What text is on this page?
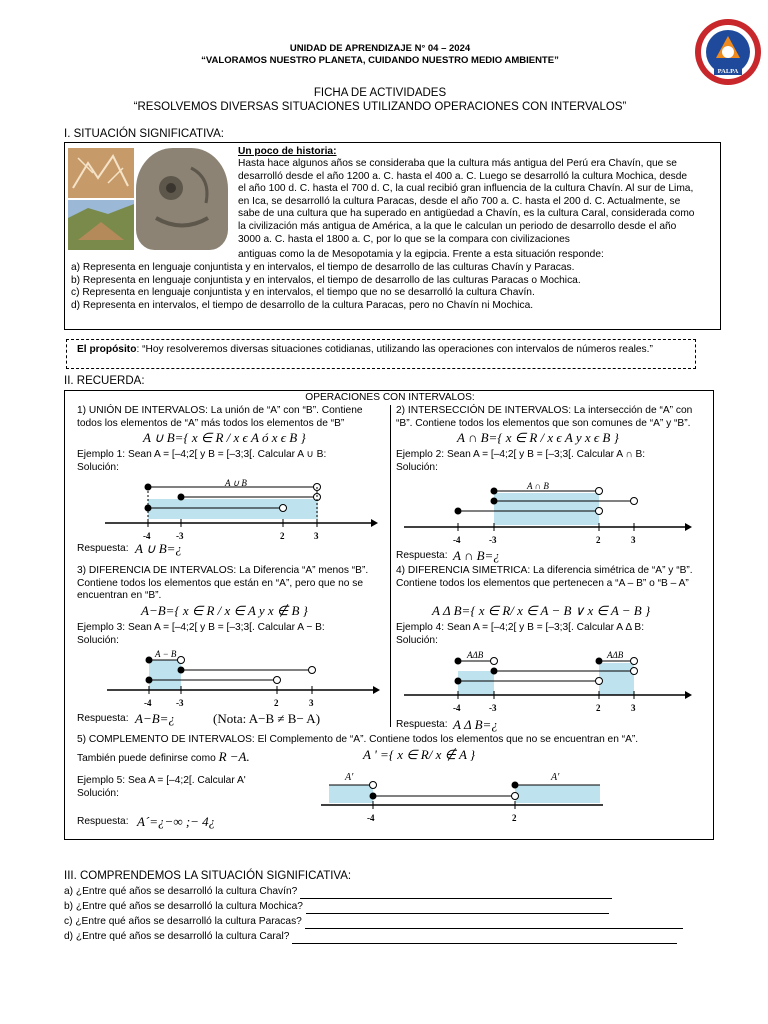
UNIDAD DE APRENDIZAJE N° 04 – 2024
“VALORAMOS NUESTRO PLANETA, CUIDANDO NUESTRO MEDIO AMBIENTE”
FICHA DE ACTIVIDADES
“RESOLVEMOS DIVERSAS SITUACIONES UTILIZANDO OPERACIONES CON INTERVALOS”
PALPA
I. SITUACIÓN SIGNIFICATIVA:
Un poco de historia:
Hasta hace algunos años se consideraba que la cultura más antigua del Perú era Chavín, que se
desarrolló desde el año 1200 a. C. hasta el 400 a. C. Luego se desarrolló la cultura Mochica, desde
el año 100 d. C. hasta el 700 d. C, la cual recibió gran influencia de la cultura Chavín. Al sur de Lima,
en Ica, se desarrolló la cultura Paracas, desde el año 700 a. C. hasta el 200 d. C. Actualmente, se
sabe de una cultura que ha superado en antigüedad a Chavín, es la cultura Caral, considerada como
la civilización más antigua de América, a la que le calculan un periodo de desarrollo desde el año
3000 a. C. hasta el 1800 a. C, por lo que se la compara con civilizaciones
antiguas como la de Mesopotamia y la egipcia. Frente a esta situación responde:
a) Representa en lenguaje conjuntista y en intervalos, el tiempo de desarrollo de las culturas Chavín y Paracas.
b) Representa en lenguaje conjuntista y en intervalos, el tiempo de desarrollo de las culturas Paracas o Mochica.
c) Representa en lenguaje conjuntista y en intervalos, el tiempo que no se desarrolló la cultura Chavín.
d) Representa en intervalos, el tiempo de desarrollo de la cultura Paracas, pero no Chavín ni Mochica.
El propósito: “Hoy resolveremos diversas situaciones cotidianas, utilizando las operaciones con intervalos de números reales.”
II. RECUERDA:
OPERACIONES CON INTERVALOS:
1) UNIÓN DE INTERVALOS: La unión de “A” con “B”. Contiene todos los elementos de “A” más todos los elementos de “B”
A ∪ B={ x ∈ R / x ϵ A ó x ϵ B }
Ejemplo 1: Sean A = [–4;2[ y B = [–3;3[. Calcular A ∪ B:
Solución:
A ∪ B
-4	-3	2	3
Respuesta: A ∪ B=¿
2) INTERSECCIÓN DE INTERVALOS: La intersección de “A” con “B”. Contiene todos los elementos que son comunes de “A” y “B”.
A ∩ B={ x ∈ R / x ϵ A y x ϵ B }
Ejemplo 2: Sean A = [–4;2[ y B = [–3;3[. Calcular A ∩ B:
Solución:
A ∩ B
-4	-3	2	3
Respuesta: A ∩ B=¿
3) DIFERENCIA DE INTERVALOS: La Diferencia “A” menos “B”. Contiene todos los elementos que están en “A”, pero que no se encuentran en “B”.
A−B={ x ∈ R / x ∈ A y x ∉ B }
Ejemplo 3: Sean A = [–4;2[ y B = [–3;3[. Calcular A − B:
Solución:
A − B
-4	-3	2	3
Respuesta: A−B=¿	(Nota: A−B ≠ B− A)
4) DIFERENCIA SIMETRICA: La diferencia simétrica de “A” y “B”. Contiene todos los elementos que pertenecen a “A – B” o “B – A”
A Δ B={ x ∈ R/ x ∈ A − B ∨ x ∈ A − B }
Ejemplo 4: Sean A = [–4;2[ y B = [–3;3[. Calcular A Δ B:
Solución:
AΔB	AΔB
-4	-3	2	3
Respuesta: A Δ B=¿
5) COMPLEMENTO DE INTERVALOS: El Complemento de “A”. Contiene todos los elementos que no se encuentran en “A”.
También puede definirse como R −A.	A ' ={ x ∈ R/ x ∉ A }
Ejemplo 5: Sea A = [–4;2[. Calcular A'
Solución:
A′	A′
-4	2
Respuesta: A´=¿−∞ ;− 4¿
III. COMPRENDEMOS LA SITUACIÓN SIGNIFICATIVA:
a) ¿Entre qué años se desarrolló la cultura Chavín?
b) ¿Entre qué años se desarrolló la cultura Mochica?
c) ¿Entre qué años se desarrolló la cultura Paracas?
d) ¿Entre qué años se desarrolló la cultura Caral?
